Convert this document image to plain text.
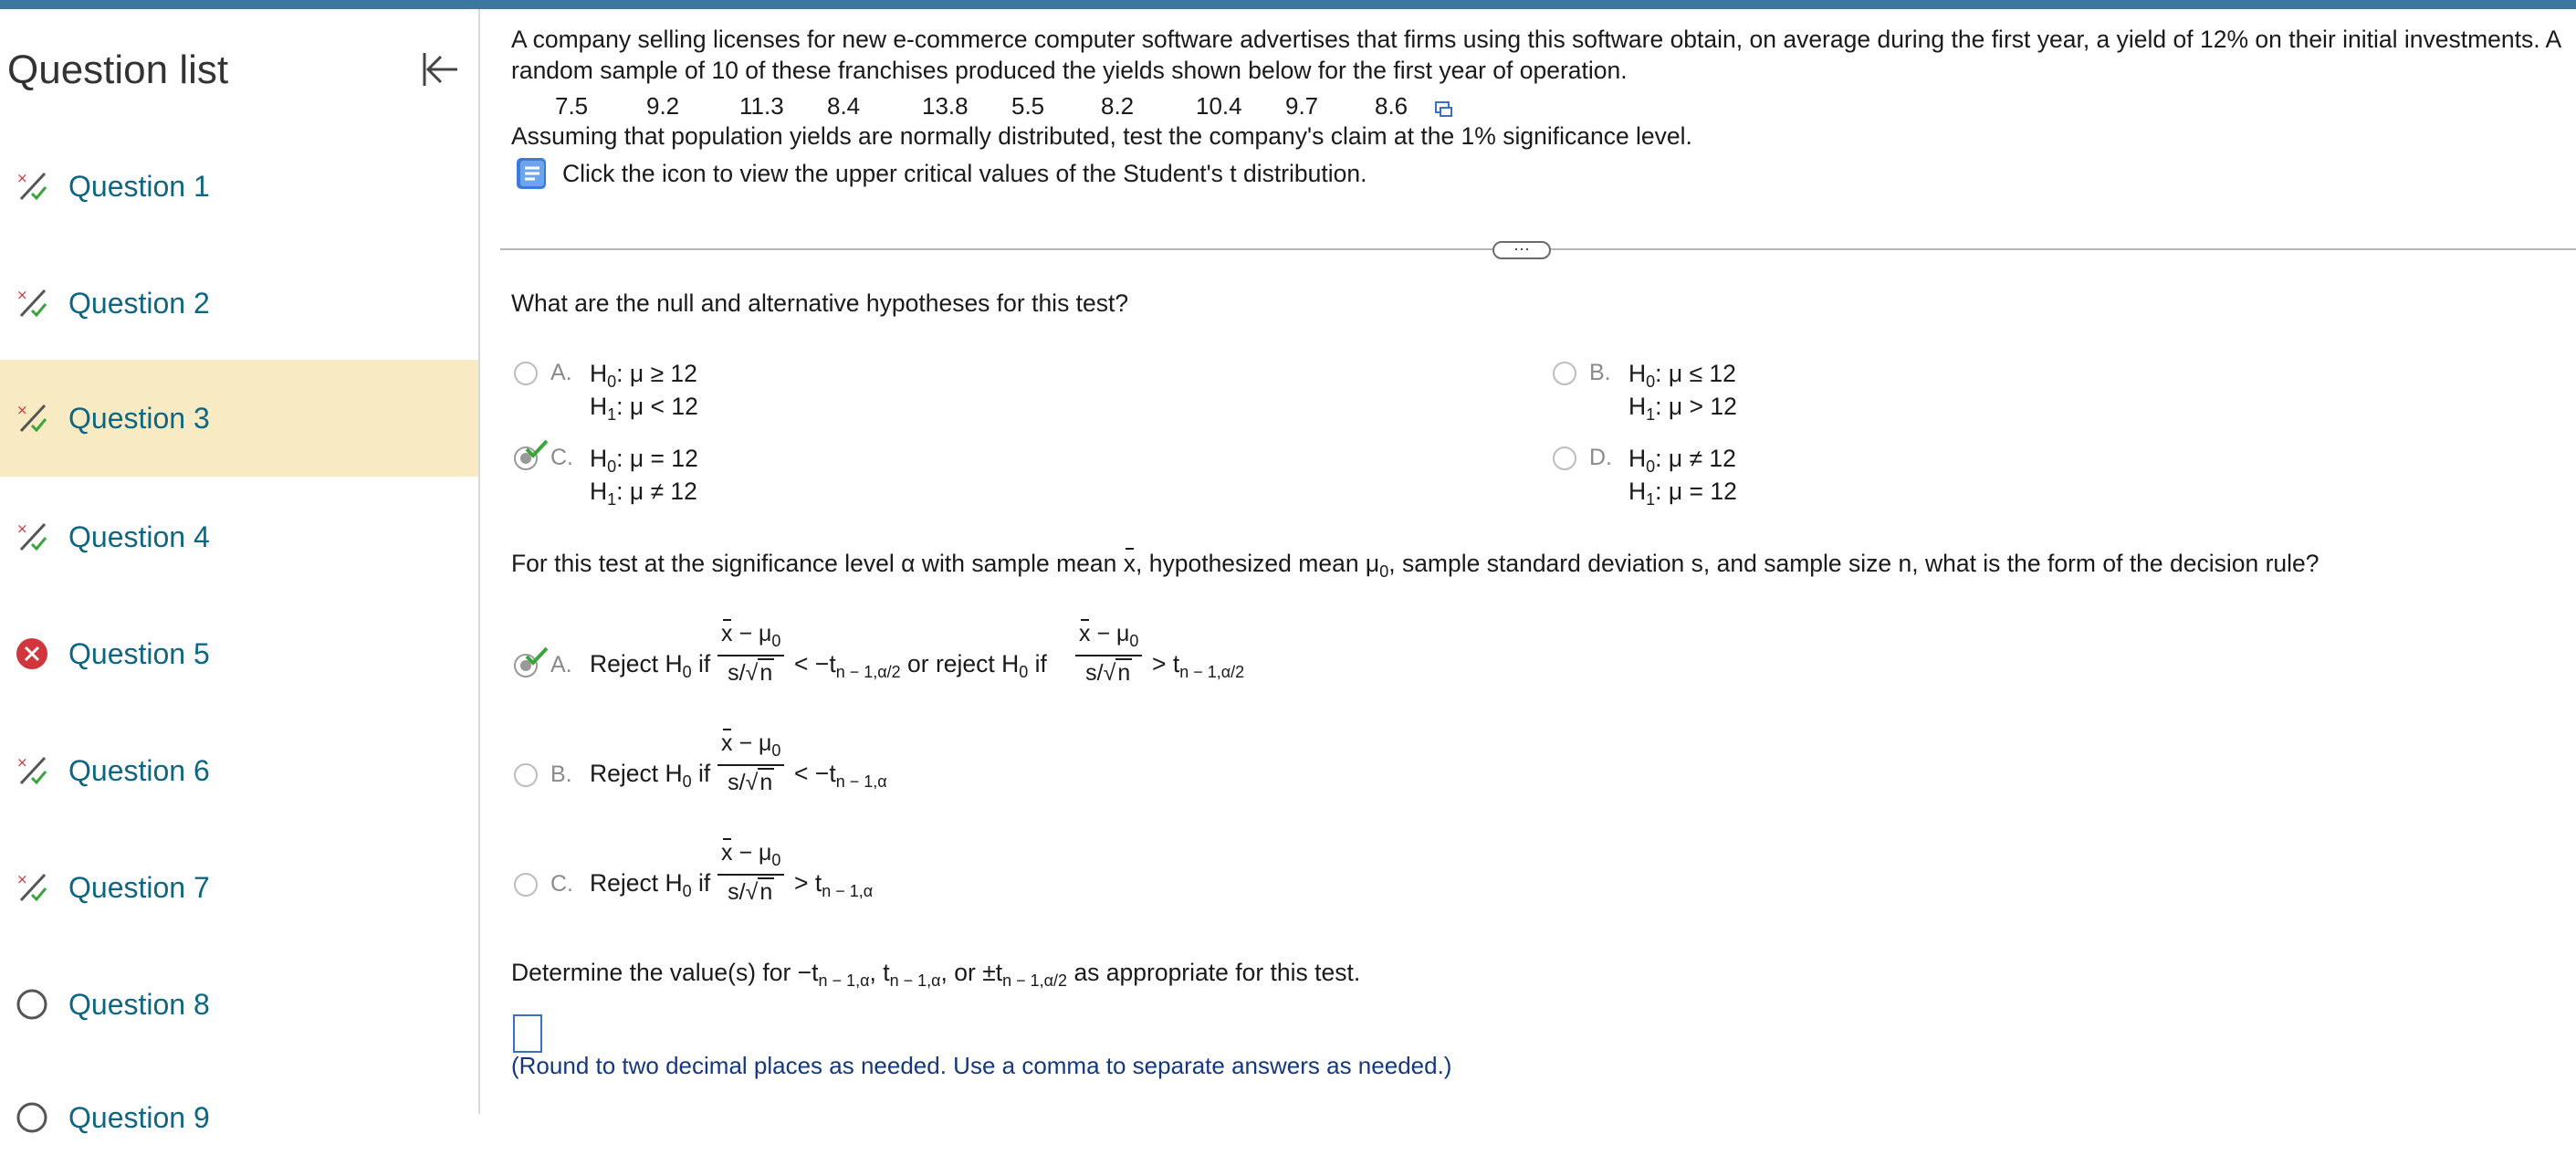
Question list
× Question 1
× Question 2
× Question 3
× Question 4
Question 5
× Question 6
× Question 7
Question 8
Question 9
A company selling licenses for new e-commerce computer software advertises that firms using this software obtain, on average during the first year, a yield of 12% on their initial investments. A
random sample of 10 of these franchises produced the yields shown below for the first year of operation.
7.5 9.2	11.3 8.4	13.8 5.5 8.2	10.4 9.7 8.6
Assuming that population yields are normally distributed, test the company's claim at the 1% significance level.
Click the icon to view the upper critical values of the Student's t distribution.
···
What are the null and alternative hypotheses for this test?
A. $H_0$: μ ≥ 12
$H_1$: μ < 12
B. $H_0$: μ ≤ 12
$H_1$: μ > 12
C. $H_0$: μ = 12
$H_1$: μ ≠ 12
D. $H_0$: μ ≠ 12
$H_1$: μ = 12
For this test at the significance level α with sample mean x, hypothesized mean $\mu_0$, sample standard deviation s, and sample size n, what is the form of the decision rule?
A. Reject $H_0$ if
$x - \mu_0$
$s/√n < -t_{n - 1,\alpha/2}$ or reject $H_0$ if
$x - \mu_0$
$s/√n > t_{n - 1,\alpha/2}$
B. Reject $H_0$ if
$x - \mu_0$
$s/√n < -t_{n - 1,\alpha}$
C. Reject $H_0$ if
$x - \mu_0$
$s/√n > t_{n - 1,\alpha}$
Determine the value(s) for $-t_{n - 1,\alpha}$, $t_{n - 1,\alpha}$, or $\pm t_{n - 1,\alpha/2}$ as appropriate for this test.
(Round to two decimal places as needed. Use a comma to separate answers as needed.)
